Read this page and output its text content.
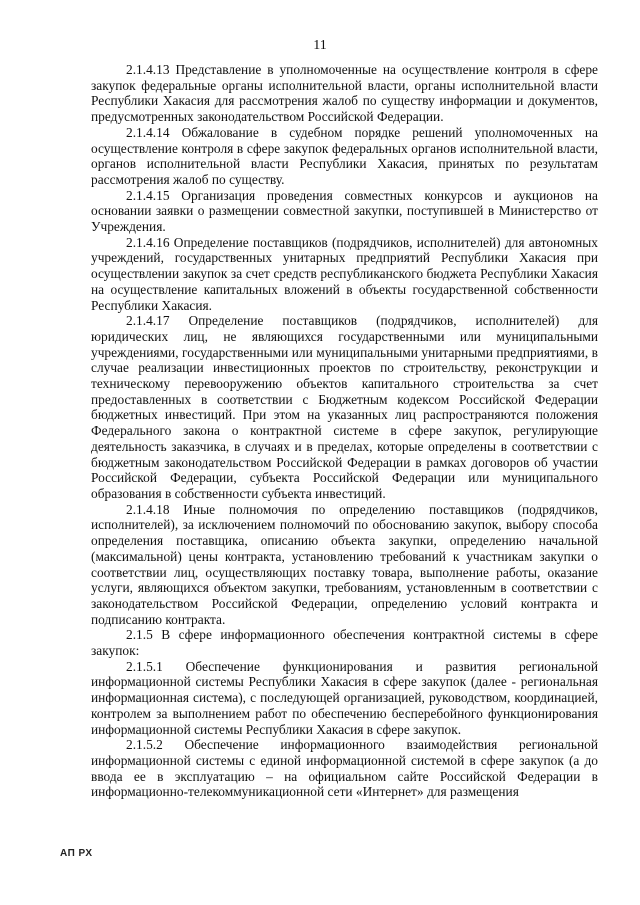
11

2.1.4.13 Представление в уполномоченные на осуществление контроля в сфере закупок федеральные органы исполнительной власти, органы исполнительной власти Республики Хакасия для рассмотрения жалоб по существу информации и документов, предусмотренных законодательством Российской Федерации.

2.1.4.14 Обжалование в судебном порядке решений уполномоченных на осуществление контроля в сфере закупок федеральных органов исполнительной власти, органов исполнительной власти Республики Хакасия, принятых по результатам рассмотрения жалоб по существу.

2.1.4.15 Организация проведения совместных конкурсов и аукционов на основании заявки о размещении совместной закупки, поступившей в Министерство от Учреждения.

2.1.4.16 Определение поставщиков (подрядчиков, исполнителей) для автономных учреждений, государственных унитарных предприятий Республики Хакасия при осуществлении закупок за счет средств республиканского бюджета Республики Хакасия на осуществление капитальных вложений в объекты государственной собственности Республики Хакасия.

2.1.4.17 Определение поставщиков (подрядчиков, исполнителей) для юридических лиц, не являющихся государственными или муниципальными учреждениями, государственными или муниципальными унитарными предприятиями, в случае реализации инвестиционных проектов по строительству, реконструкции и техническому перевооружению объектов капитального строительства за счет предоставленных в соответствии с Бюджетным кодексом Российской Федерации бюджетных инвестиций. При этом на указанных лиц распространяются положения Федерального закона о контрактной системе в сфере закупок, регулирующие деятельность заказчика, в случаях и в пределах, которые определены в соответствии с бюджетным законодательством Российской Федерации в рамках договоров об участии Российской Федерации, субъекта Российской Федерации или муниципального образования в собственности субъекта инвестиций.

2.1.4.18 Иные полномочия по определению поставщиков (подрядчиков, исполнителей), за исключением полномочий по обоснованию закупок, выбору способа определения поставщика, описанию объекта закупки, определению начальной (максимальной) цены контракта, установлению требований к участникам закупки о соответствии лиц, осуществляющих поставку товара, выполнение работы, оказание услуги, являющихся объектом закупки, требованиям, установленным в соответствии с законодательством Российской Федерации, определению условий контракта и подписанию контракта.

2.1.5 В сфере информационного обеспечения контрактной системы в сфере закупок:

2.1.5.1 Обеспечение функционирования и развития региональной информационной системы Республики Хакасия в сфере закупок (далее - региональная информационная система), с последующей организацией, руководством, координацией, контролем за выполнением работ по обеспечению бесперебойного функционирования информационной системы Республики Хакасия в сфере закупок.

2.1.5.2 Обеспечение информационного взаимодействия региональной информационной системы с единой информационной системой в сфере закупок (а до ввода ее в эксплуатацию – на официальном сайте Российской Федерации в информационно-телекоммуникационной сети «Интернет» для размещения

АП РХ
